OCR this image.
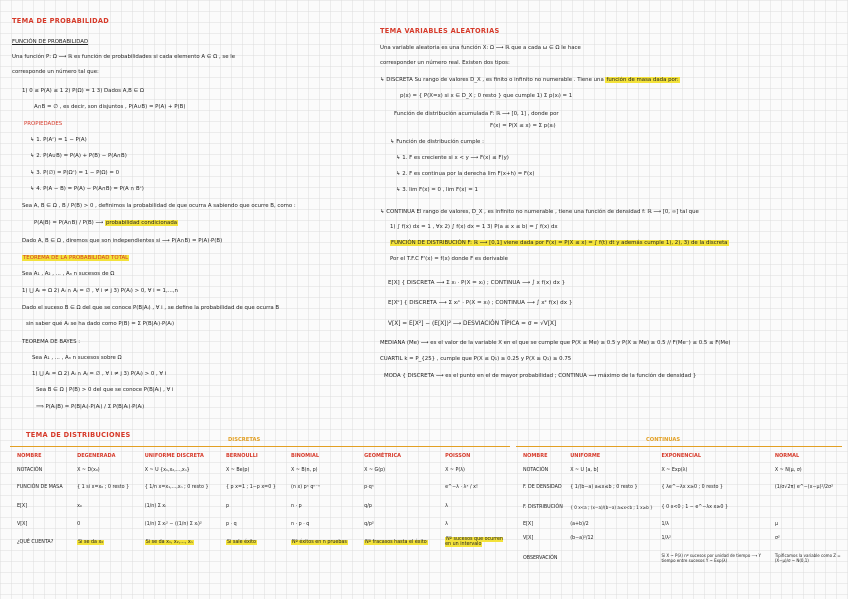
TEMA DE PROBABILIDAD
FUNCIÓN DE PROBABILIDAD
Una función P: Ω ⟶ ℝ es función de probabilidades si cada elemento A ∈ Ω , se le
corresponde un número tal que:
1) 0 ≤ P(A) ≤ 1 2) P(Ω) = 1 3) Dados A,B ∈ Ω
A∩B = ∅ , es decir, son disjuntos , P(A∪B) = P(A) + P(B)
PROPIEDADES
↳ 1. P(Aᶜ) = 1 − P(A)
↳ 2. P(A∪B) = P(A) + P(B) − P(A∩B)
↳ 3. P(∅) = P(Ωᶜ) = 1 − P(Ω) = 0
↳ 4. P(A − B) = P(A) − P(A∩B) = P(A ∩ Bᶜ)
Sea A, B ∈ Ω , B / P(B) > 0 , definimos la probabilidad de que ocurra A sabiendo que ocurre B, como :
P(A|B) = P(A∩B) / P(B) ⟶ probabilidad condicionada
Dado A, B ∈ Ω , diremos que son independientes si ⟶ P(A∩B) = P(A)·P(B)
TEOREMA DE LA PROBABILIDAD TOTAL
Sea A₁ , A₂ , ... , Aₙ n sucesos de Ω
1) ⋃ Aᵢ = Ω 2) Aᵢ ∩ Aⱼ = ∅ , ∀ i ≠ j 3) P(Aᵢ) > 0, ∀ i = 1,...,n
Dado el suceso B ∈ Ω del que se conoce P(B|Aᵢ) , ∀ i , se define la probabilidad de que ocurra B
sin saber qué Aᵢ se ha dado como P(B) = Σ P(B|Aᵢ)·P(Aᵢ)
TEOREMA DE BAYES :
Sea A₁ , ... , Aₙ n sucesos sobre Ω
1) ⋃ Aᵢ = Ω 2) Aᵢ ∩ Aⱼ = ∅ , ∀ i ≠ j 3) P(Aᵢ) > 0 , ∀ i
Sea B ∈ Ω | P(B) > 0 del que se conoce P(B|Aᵢ) , ∀ i
⟹ P(Aᵢ|B) = P(B|Aᵢ)·P(Aᵢ) / Σ P(B|Aᵢ)·P(Aᵢ)
TEMA VARIABLES ALEATORIAS
Una variable aleatoria es una función X: Ω ⟶ ℝ que a cada ω ∈ Ω le hace
corresponder un número real. Existen dos tipos:
↳ DISCRETA Su rango de valores D_X , es finito o infinito no numerable . Tiene una función de masa dada por:
p(x) = { P(X=x) si x ∈ D_X ; 0 resto } que cumple 1) Σ p(xᵢ) = 1
Función de distribución acumulada F: ℝ ⟶ [0, 1] , donde por
F(x) = P(X ≤ x) = Σ p(xᵢ)
↳ Función de distribución cumple :
↳ 1. F es creciente si x < y ⟶ F(x) ≤ F(y)
↳ 2. F es continua por la derecha lim F(x+h) = F(x)
↳ 3. lim F(x) = 0 , lim F(x) = 1
↳ CONTINUA El rango de valores, D_X , es infinito no numerable , tiene una función de densidad f: ℝ ⟶ [0, ∞] tal que
1) ∫ f(x) dx = 1 , ∀x 2) ∫ f(x) dx = 1 3) P(a ≤ x ≤ b) = ∫ f(x) dx
FUNCIÓN DE DISTRIBUCIÓN F: ℝ ⟶ [0,1] viene dada por F(x) = P(X ≤ x) = ∫ f(t) dt y además cumple 1), 2), 3) de la discreta
Por el T.F.C F'(x) = f(x) donde F es derivable
E[X] { DISCRETA ⟶ Σ xᵢ · P(X = xᵢ) ; CONTINUA ⟶ ∫ x f(x) dx }
E[Xᵏ] { DISCRETA ⟶ Σ xᵢᵏ · P(X = xᵢ) ; CONTINUA ⟶ ∫ xᵏ f(x) dx }
V[X] = E[X²] − (E[X])² ⟶ DESVIACIÓN TÍPICA = σ = √V[X]
MEDIANA (Me) ⟶ es el valor de la variable X en el que se cumple que P(X ≤ Me) ≥ 0.5 y P(X ≥ Me) ≥ 0.5 // F(Me⁻) ≤ 0.5 ≤ F(Me)
CUARTIL k = P_{25} , cumple que P(X ≤ Q₁) ≥ 0.25 y P(X ≥ Q₁) ≥ 0.75
MODA { DISCRETA ⟶ es el punto en el de mayor probabilidad ; CONTINUA ⟶ máximo de la función de densidad }
TEMA DE DISTRIBUCIONES
DISCRETAS	CONTINUAS
NOMBRE	DEGENERADA	UNIFORME DISCRETA	BERNOULLI	BINOMIAL	GEOMÉTRICA	POISSON
NOTACIÓN	X ~ D(x₀)	X ~ U {x₁,x₂,...,xₙ}	X ~ Be(p)	X ~ B(n, p)	X ~ G(p)	X ~ P(λ)
FUNCIÓN DE MASA	{ 1 si x=x₀ ; 0 resto }	{ 1/n x=x₁,...,xₙ ; 0 resto }	{ p x=1 ; 1−p x=0 }	(n x) pˣ qⁿ⁻ˣ	p·qˣ	e^−λ · λˣ / x!
E[X]	x₀	(1/n) Σ xᵢ	p	n · p	q/p	λ
V[X]	0	(1/n) Σ xᵢ² − ((1/n) Σ xᵢ)²	p · q	n · p · q	q/p²	λ
¿QUÉ CUENTA?	Si se da x₀	Si se da x₁, x₂,..., xₙ	Si sale éxito	Nº éxitos en n pruebas	Nº fracasos hasta el éxito	Nº sucesos que ocurren en un intervalo
NOMBRE	UNIFORME	EXPONENCIAL	NORMAL
NOTACIÓN	X ~ U [a, b]	X ~ Exp(λ)	X ~ N(μ, σ)
F. DE DENSIDAD	{ 1/(b−a) a≤x≤b ; 0 resto }	{ λe^−λx x≥0 ; 0 resto }	(1/σ√2π) e^−(x−μ)²/2σ²
F. DISTRIBUCIÓN	{ 0 x<a ; (x−a)/(b−a) a≤x<b ; 1 x≥b }	{ 0 x<0 ; 1 − e^−λx x≥0 }	
E[X]	(a+b)/2	1/λ	μ
V[X]	(b−a)²/12	1/λ²	σ²
OBSERVACIÓN		Si X ~ P(λ) nº sucesos por unidad de tiempo ⟶ Y tiempo entre sucesos Y ~ Exp(λ)	Tipificamos la variable como Z = (X−μ)/σ ~ N(0,1)
